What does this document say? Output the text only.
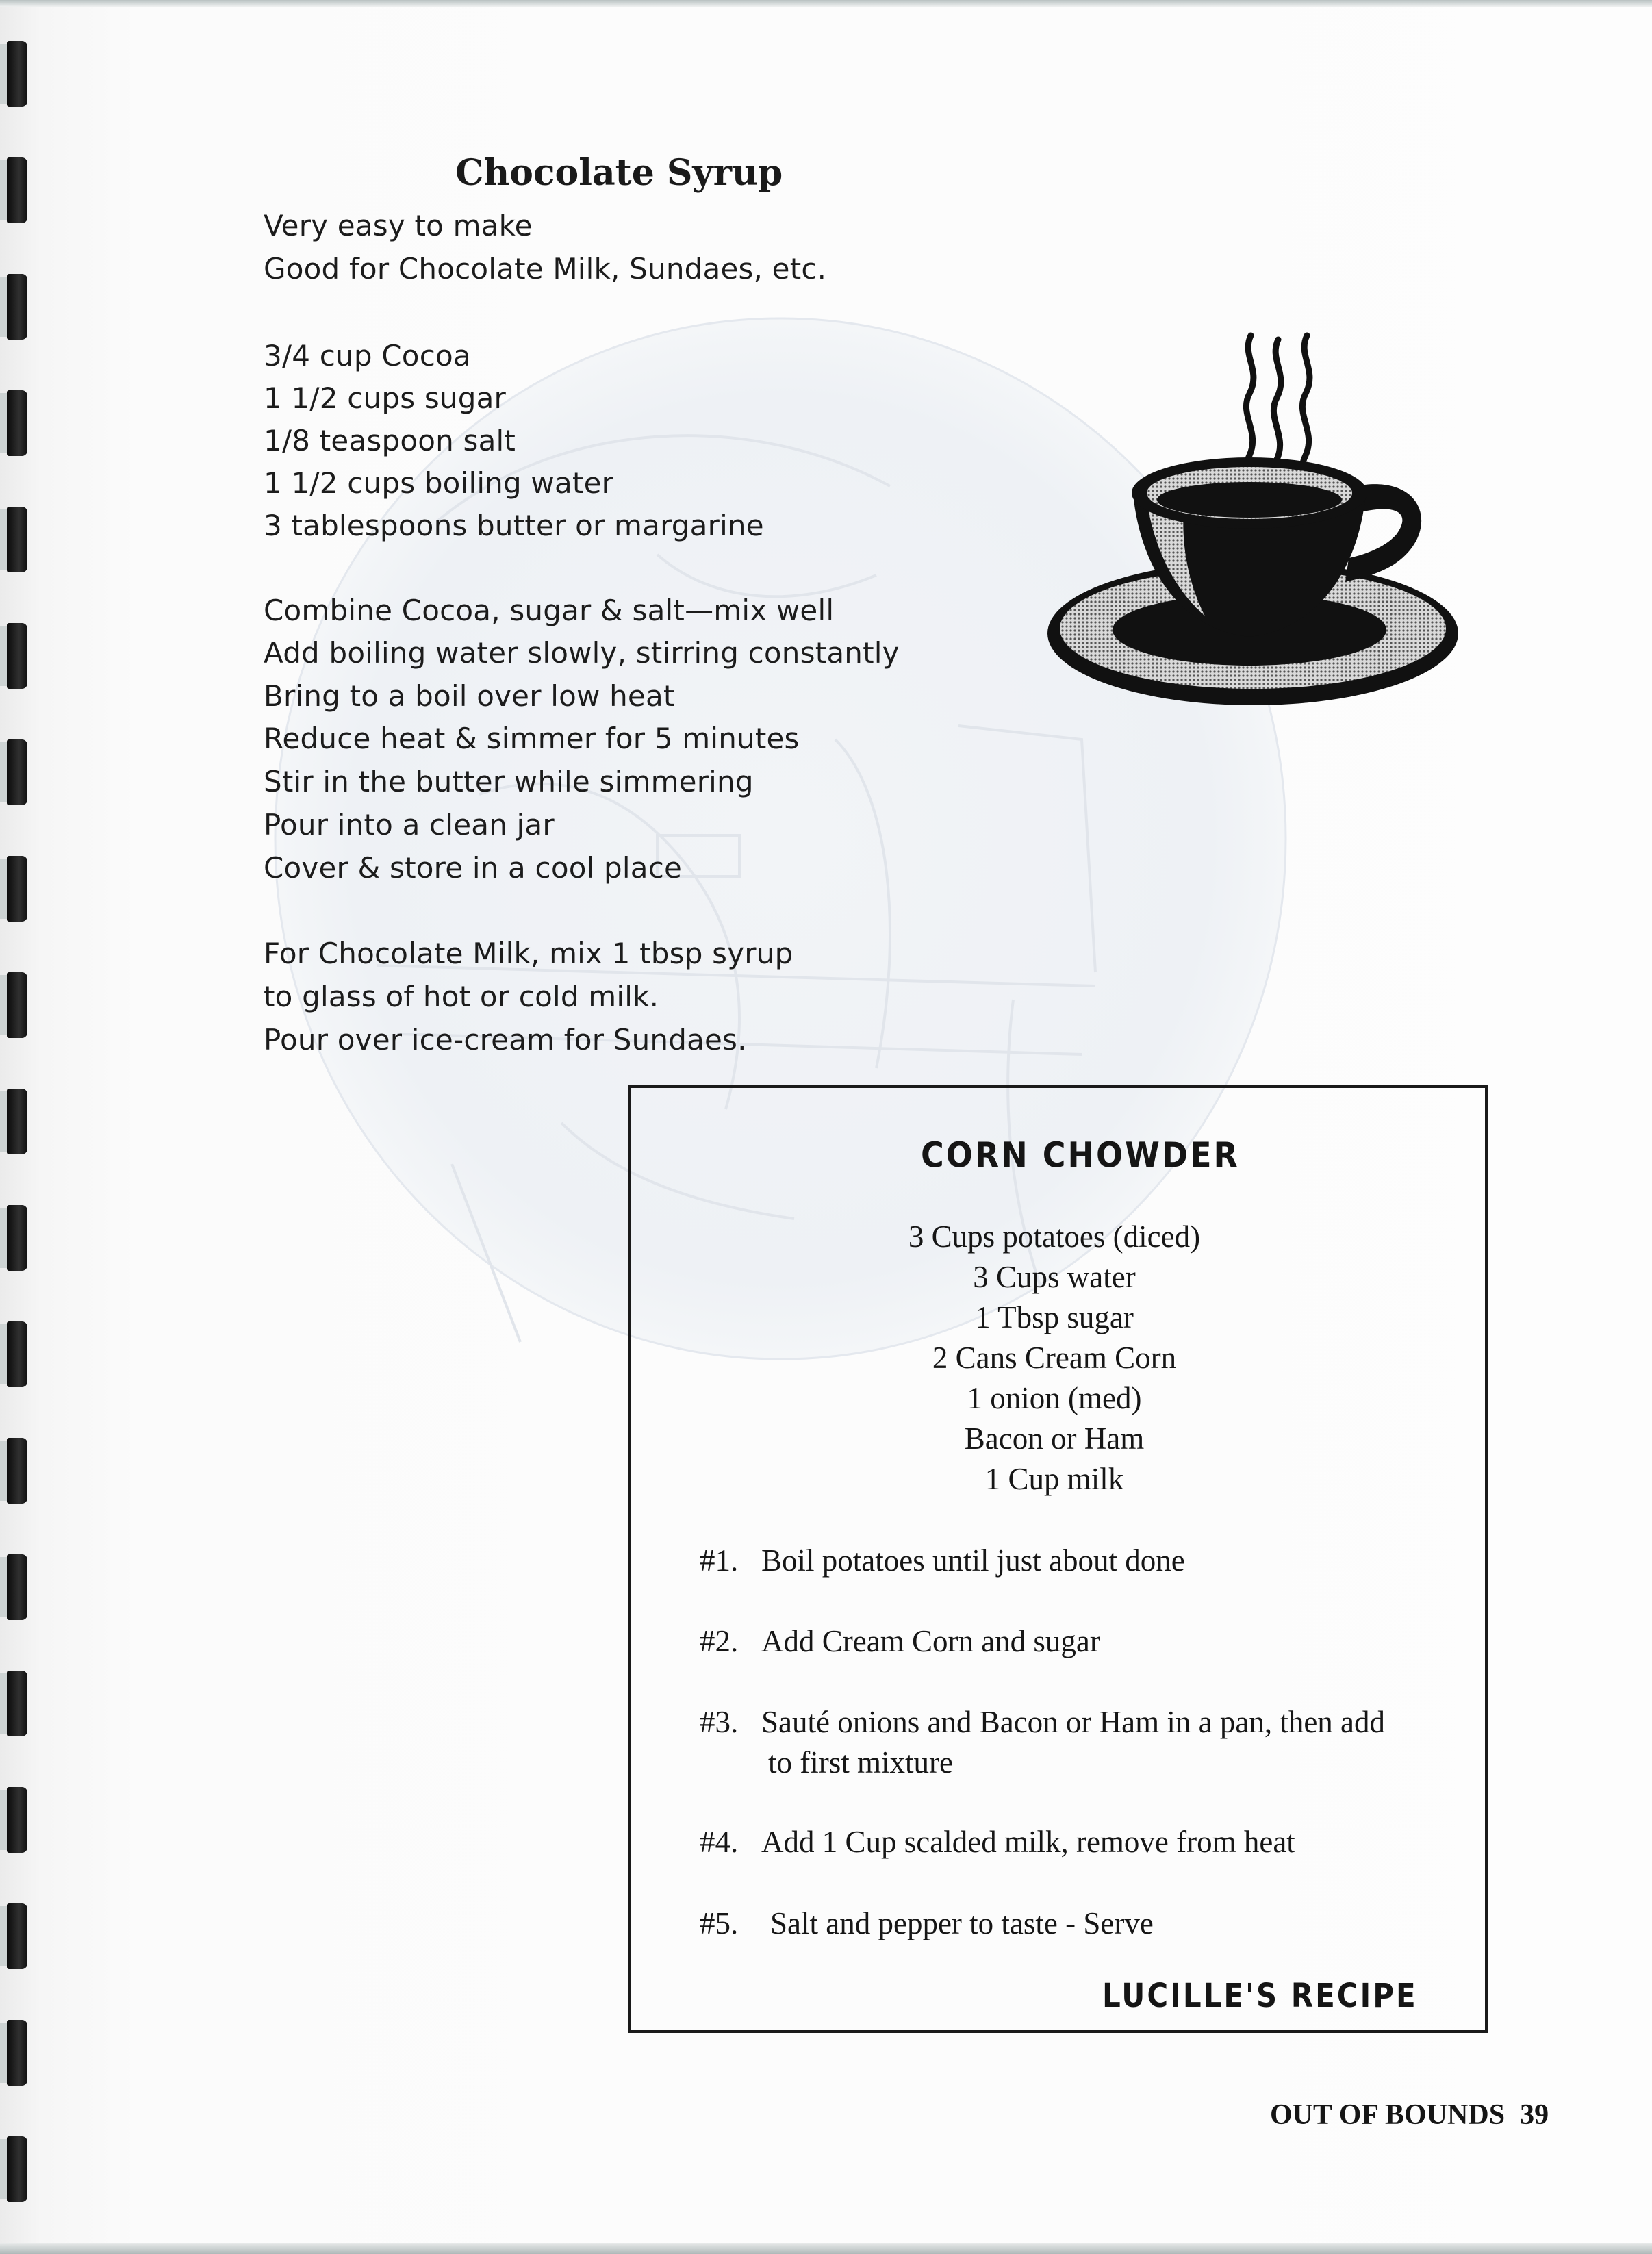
Chocolate Syrup
Very easy to make
Good for Chocolate Milk, Sundaes, etc.
3/4 cup Cocoa
1 1/2 cups sugar
1/8 teaspoon salt
1 1/2 cups boiling water
3 tablespoons butter or margarine
Combine Cocoa, sugar & salt—mix well
Add boiling water slowly, stirring constantly
Bring to a boil over low heat
Reduce heat & simmer for 5 minutes
Stir in the butter while simmering
Pour into a clean jar
Cover & store in a cool place
For Chocolate Milk, mix 1 tbsp syrup
to glass of hot or cold milk.
Pour over ice-cream for Sundaes.
CORN CHOWDER
3 Cups potatoes (diced)
3 Cups water
1 Tbsp sugar
2 Cans Cream Corn
1 onion (med)
Bacon or Ham
1 Cup milk
#1. Boil potatoes until just about done
#2. Add Cream Corn and sugar
#3. Sauté onions and Bacon or Ham in a pan, then add
to first mixture
#4. Add 1 Cup scalded milk, remove from heat
#5. Salt and pepper to taste - Serve
LUCILLE'S RECIPE
OUT OF BOUNDS 39
